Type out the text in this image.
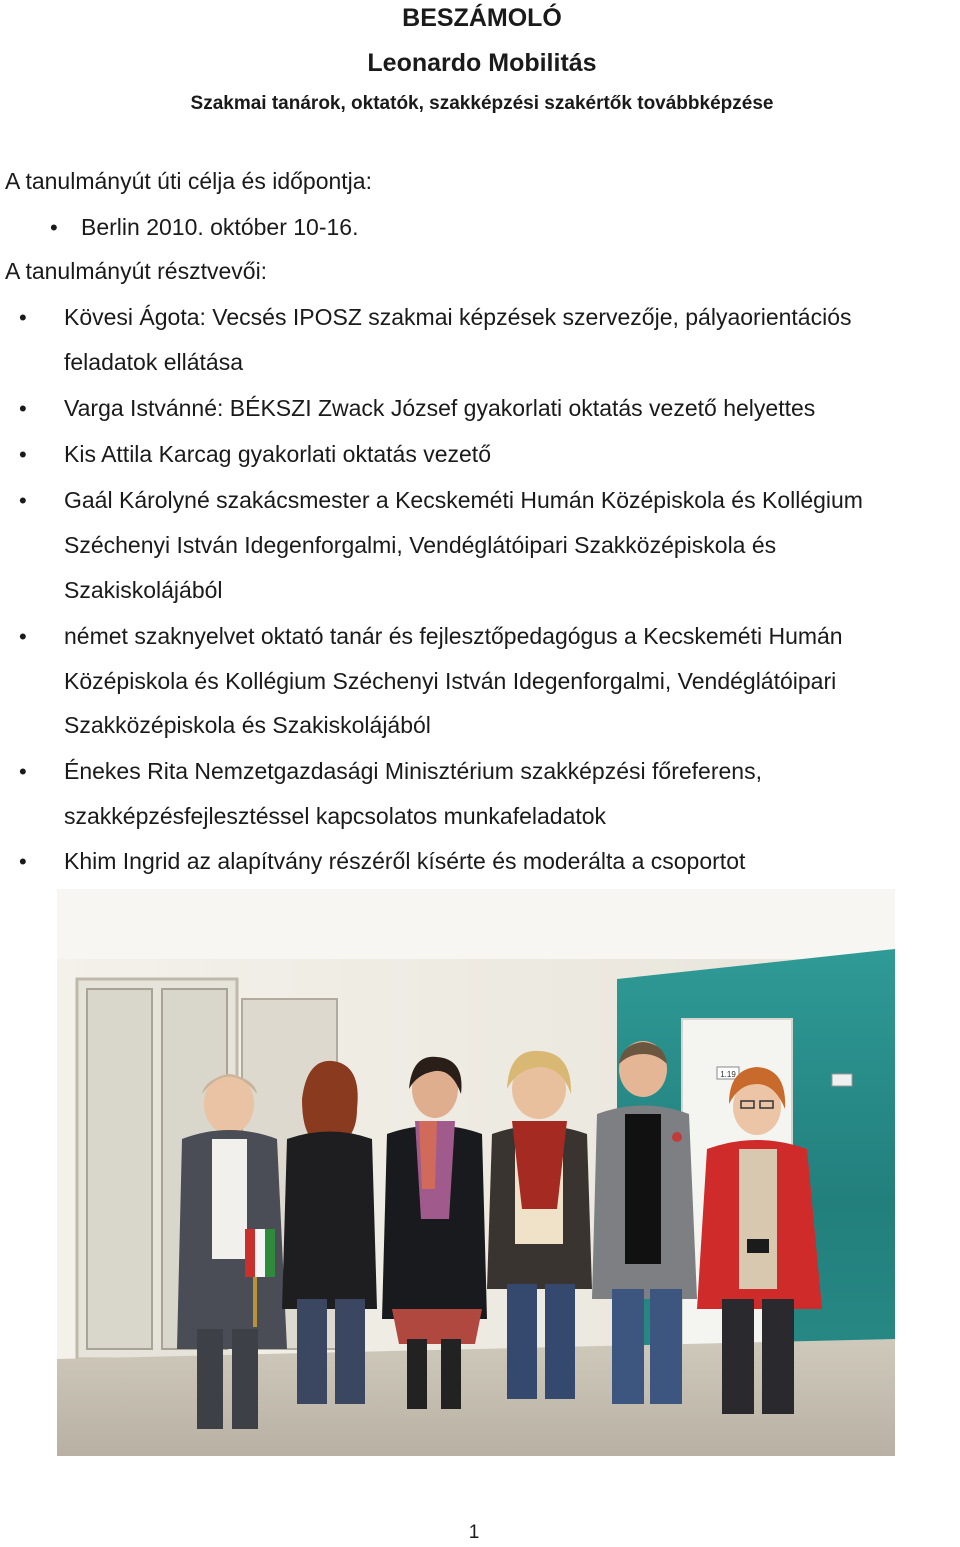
BESZÁMOLÓ
Leonardo Mobilitás
Szakmai tanárok, oktatók, szakképzési szakértők továbbképzése

A tanulmányút úti célja és időpontja:

• Berlin 2010. október 10-16.

A tanulmányút résztvevői:

• Kövesi Ágota: Vecsés IPOSZ szakmai képzések szervezője, pályaorientációs

feladatok ellátása

• Varga Istvánné: BÉKSZI Zwack József gyakorlati oktatás vezető helyettes

• Kis Attila Karcag gyakorlati oktatás vezető

• Gaál Károlyné szakácsmester a Kecskeméti Humán Középiskola és Kollégium

Széchenyi István Idegenforgalmi, Vendéglátóipari Szakközépiskola és

Szakiskolájából

• német szaknyelvet oktató tanár és fejlesztőpedagógus a Kecskeméti Humán

Középiskola és Kollégium Széchenyi István Idegenforgalmi, Vendéglátóipari

Szakközépiskola és Szakiskolájából

• Énekes Rita Nemzetgazdasági Minisztérium szakképzési főreferens,

szakképzésfejlesztéssel kapcsolatos munkafeladatok

• Khim Ingrid az alapítvány részéről kísérte és moderálta a csoportot

1.19
1
